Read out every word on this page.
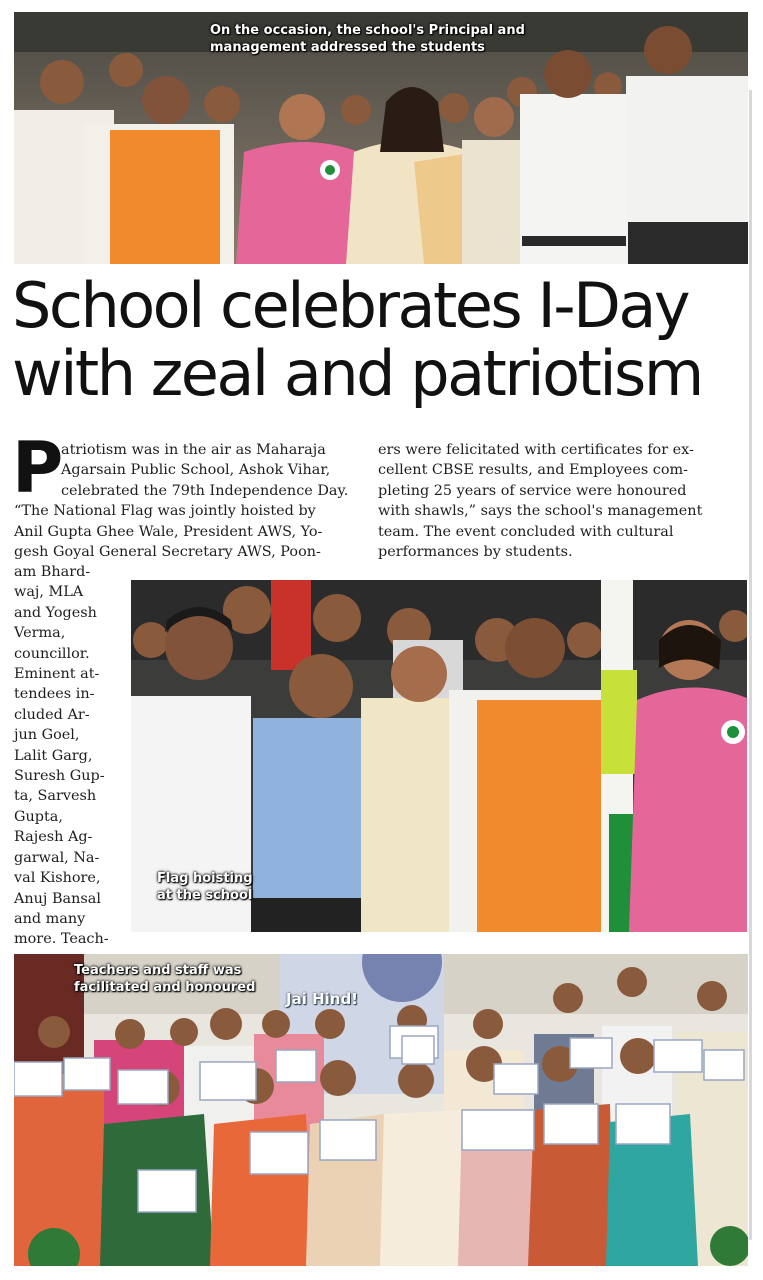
On the occasion, the school's Principal and
management addressed the students
School celebrates I-Day
with zeal and patriotism
P
atriotism was in the air as Maharaja
Agarsain Public School, Ashok Vihar,
celebrated the 79th Independence Day.
“The National Flag was jointly hoisted by
Anil Gupta Ghee Wale, President AWS, Yo-
gesh Goyal General Secretary AWS, Poon-
am Bhard-
waj, MLA
and Yogesh
Verma,
councillor.
Eminent at-
tendees in-
cluded Ar-
jun Goel,
Lalit Garg,
Suresh Gup-
ta, Sarvesh
Gupta,
Rajesh Ag-
garwal, Na-
val Kishore,
Anuj Bansal
and many
more. Teach-
ers were felicitated with certificates for ex-
cellent CBSE results, and Employees com-
pleting 25 years of service were honoured
with shawls,” says the school's management
team. The event concluded with cultural
performances by students.
Flag hoisting
at the school
Jai Hind!
Teachers and staff was
facilitated and honoured
